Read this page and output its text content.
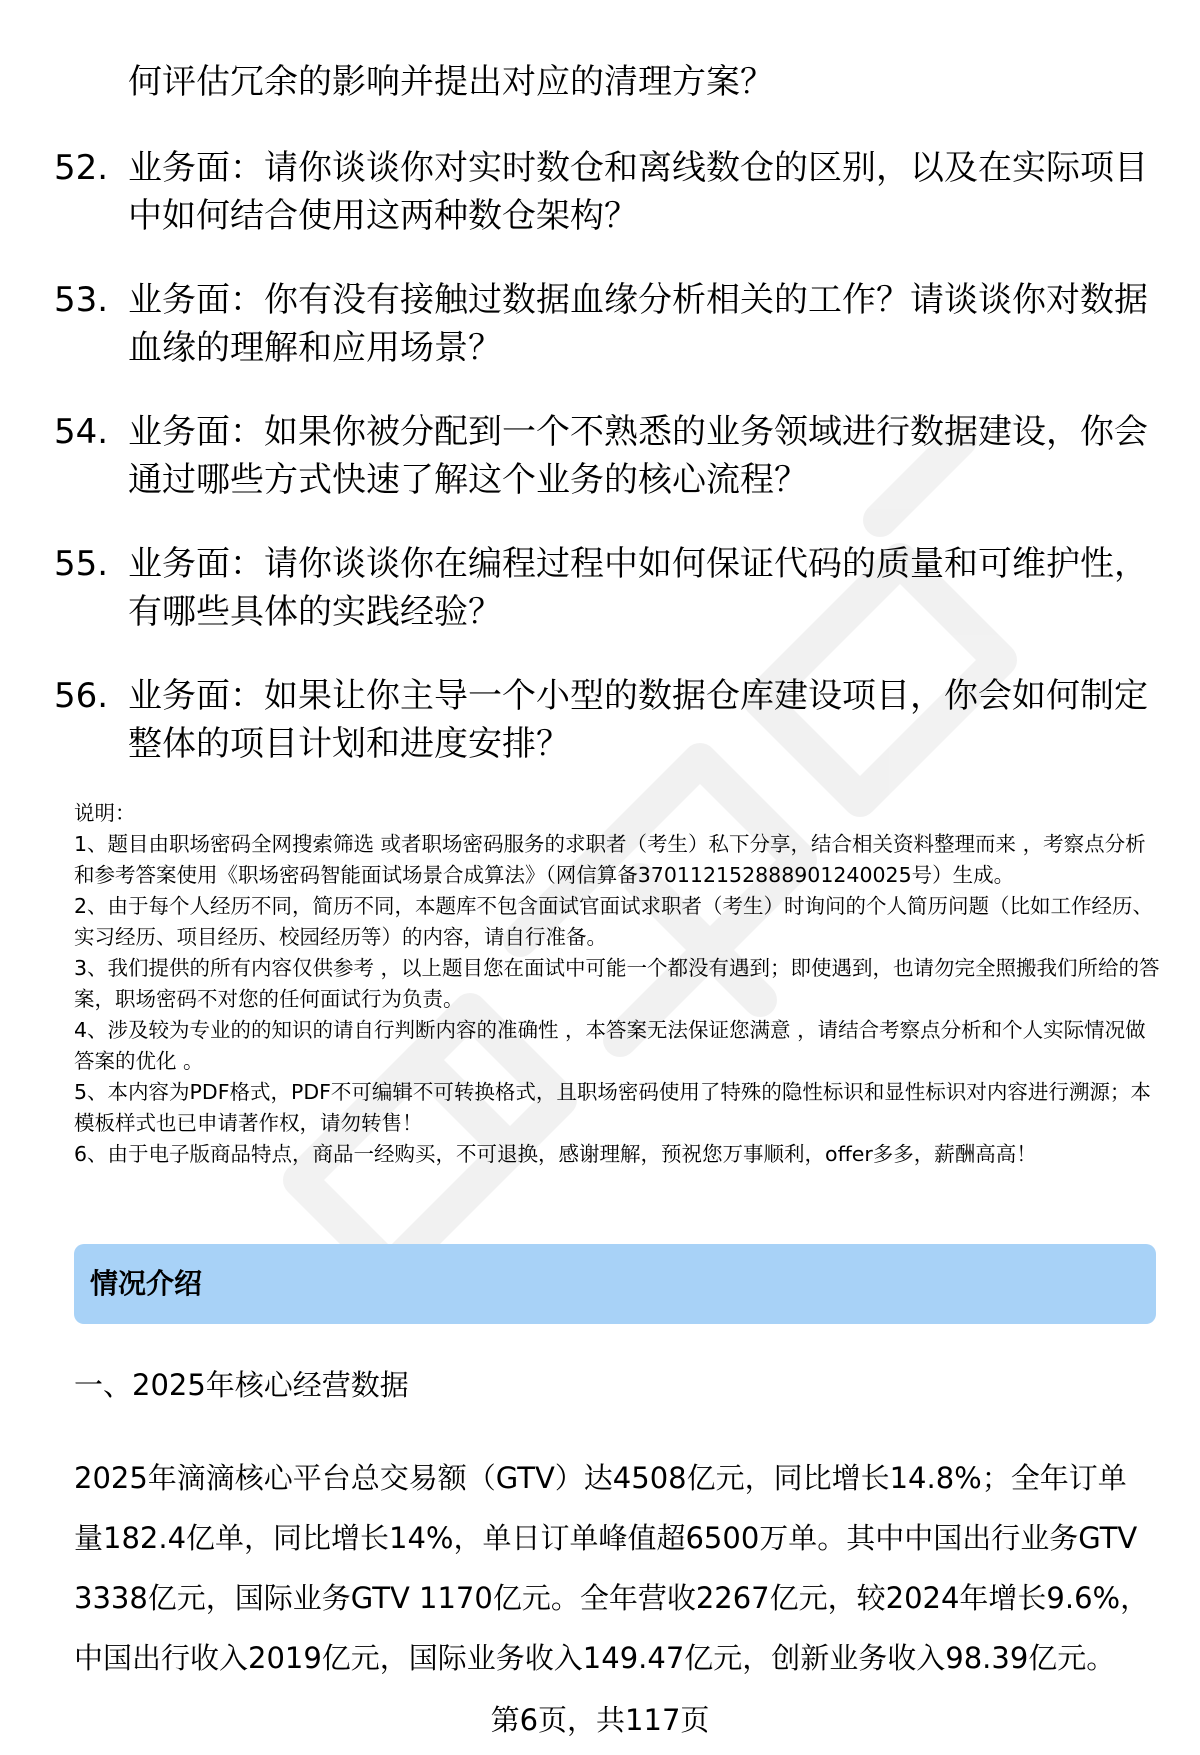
何评估冗余的影响并提出对应的清理方案？
52. 业务面：请你谈谈你对实时数仓和离线数仓的区别，以及在实际项目中如何结合使用这两种数仓架构？
53. 业务面：你有没有接触过数据血缘分析相关的工作？请谈谈你对数据血缘的理解和应用场景？
54. 业务面：如果你被分配到一个不熟悉的业务领域进行数据建设，你会通过哪些方式快速了解这个业务的核心流程？
55. 业务面：请你谈谈你在编程过程中如何保证代码的质量和可维护性，有哪些具体的实践经验？
56. 业务面：如果让你主导一个小型的数据仓库建设项目，你会如何制定整体的项目计划和进度安排？

说明：

1、题目由职场密码全网搜索筛选 或者职场密码服务的求职者（考生）私下分享，结合相关资料整理而来 ，考察点分析和参考答案使用《职场密码智能面试场景合成算法》（网信算备370112152888901240025号）生成。

2、由于每个人经历不同，简历不同，本题库不包含面试官面试求职者（考生）时询问的个人简历问题（比如工作经历、实习经历、项目经历、校园经历等）的内容，请自行准备。

3、我们提供的所有内容仅供参考 ，以上题目您在面试中可能一个都没有遇到；即使遇到，也请勿完全照搬我们所给的答案，职场密码不对您的任何面试行为负责。

4、涉及较为专业的的知识的请自行判断内容的准确性 ，本答案无法保证您满意 ，请结合考察点分析和个人实际情况做答案的优化 。

5、本内容为PDF格式，PDF不可编辑不可转换格式，且职场密码使用了特殊的隐性标识和显性标识对内容进行溯源；本模板样式也已申请著作权，请勿转售！

6、由于电子版商品特点，商品一经购买，不可退换，感谢理解，预祝您万事顺利，offer多多，薪酬高高！

情况介绍
一、2025年核心经营数据
2025年滴滴核心平台总交易额（GTV）达4508亿元，同比增长14.8%；全年订单量182.4亿单，同比增长14%，单日订单峰值超6500万单。其中中国出行业务GTV 3338亿元，国际业务GTV 1170亿元。全年营收2267亿元，较2024年增长9.6%，中国出行收入2019亿元，国际业务收入149.47亿元，创新业务收入98.39亿元。
第6页，共117页
